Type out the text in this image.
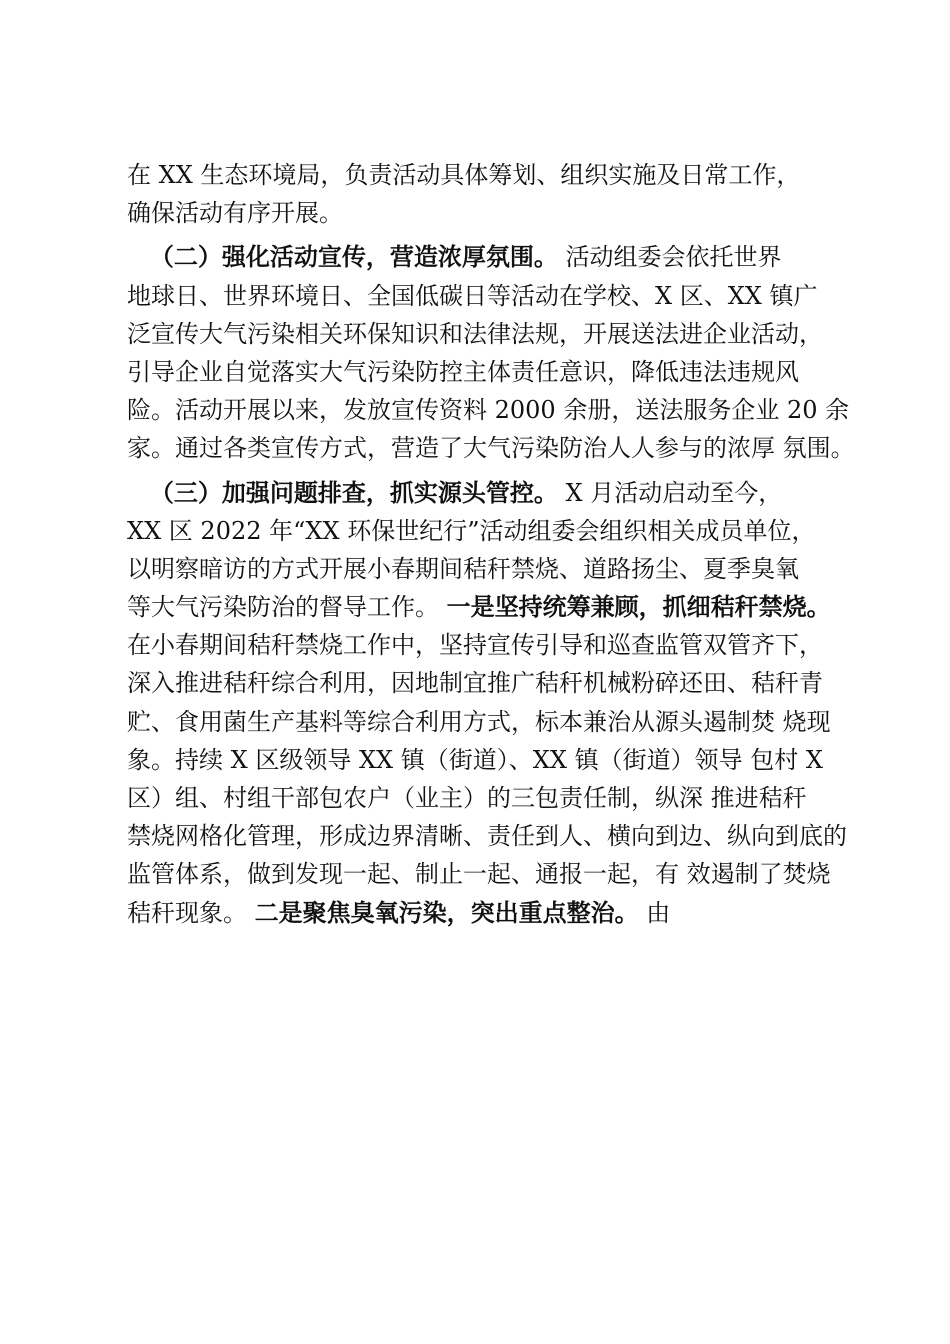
在 XX 生态环境局，负责活动具体筹划、组织实施及日常工作，
确保活动有序开展。
（二）强化活动宣传，营造浓厚氛围。 活动组委会依托世界
地球日、世界环境日、全国低碳日等活动在学校、X 区、XX 镇广
泛宣传大气污染相关环保知识和法律法规，开展送法进企业活动，
引导企业自觉落实大气污染防控主体责任意识，降低违法违规风
险。活动开展以来，发放宣传资料 2000 余册，送法服务企业 20 余
家。通过各类宣传方式，营造了大气污染防治人人参与的浓厚 氛围。
（三）加强问题排查，抓实源头管控。 X 月活动启动至今，
XX 区 2022 年“XX 环保世纪行”活动组委会组织相关成员单位，
以明察暗访的方式开展小春期间秸秆禁烧、道路扬尘、夏季臭氧
等大气污染防治的督导工作。 一是坚持统筹兼顾，抓细秸秆禁烧。
在小春期间秸秆禁烧工作中，坚持宣传引导和巡查监管双管齐下，
深入推进秸秆综合利用，因地制宜推广秸秆机械粉碎还田、秸秆青
贮、食用菌生产基料等综合利用方式，标本兼治从源头遏制焚 烧现
象。持续 X 区级领导 XX 镇（街道）、XX 镇（街道）领导 包村 X
区）组、村组干部包农户（业主）的三包责任制，纵深 推进秸秆
禁烧网格化管理，形成边界清晰、责任到人、横向到边、纵向到底的
监管体系，做到发现一起、制止一起、通报一起，有 效遏制了焚烧
秸秆现象。 二是聚焦臭氧污染，突出重点整治。 由
